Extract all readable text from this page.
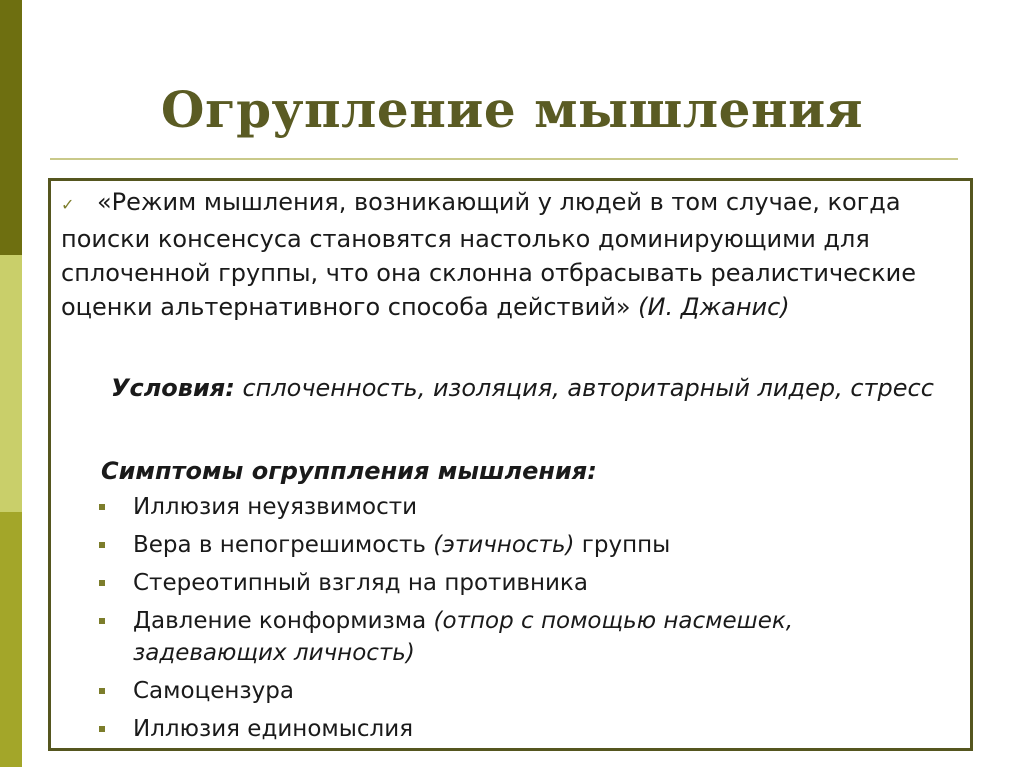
Огрупление мышления

✓ «Режим мышления, возникающий у людей в том случае, когда поиски консенсуса становятся настолько доминирующими для сплоченной группы, что она склонна отбрасывать реалистические оценки альтернативного способа действий» (И. Джанис)

Условия: сплоченность, изоляция, авторитарный лидер, стресс

Симптомы огруппления мышления:

Иллюзия неуязвимости
Вера в непогрешимость (этичность) группы
Стереотипный взгляд на противника
Давление конформизма (отпор с помощью насмешек, задевающих личность)
Самоцензура
Иллюзия единомыслия
